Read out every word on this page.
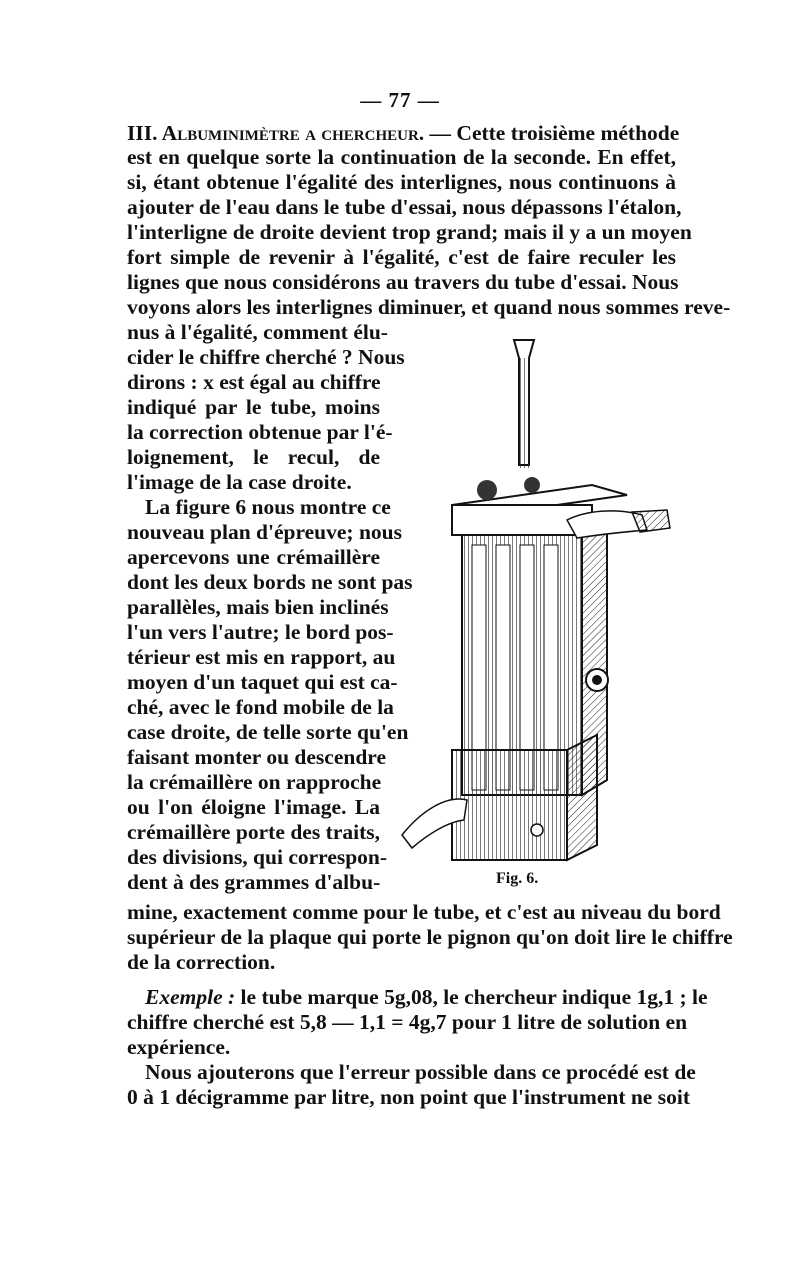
— 77 —
III. Albuminimètre a chercheur. — Cette troisième méthode
est en quelque sorte la continuation de la seconde. En effet,
si, étant obtenue l'égalité des interlignes, nous continuons à
ajouter de l'eau dans le tube d'essai, nous dépassons l'étalon,
l'interligne de droite devient trop grand; mais il y a un moyen
fort simple de revenir à l'égalité, c'est de faire reculer les
lignes que nous considérons au travers du tube d'essai. Nous
voyons alors les interlignes diminuer, et quand nous sommes reve-
nus à l'égalité, comment élu-
cider le chiffre cherché ? Nous
dirons : x est égal au chiffre
indiqué par le tube, moins
la correction obtenue par l'é-
loignement, le recul, de
l'image de la case droite.
La figure 6 nous montre ce
nouveau plan d'épreuve; nous
apercevons une crémaillère
dont les deux bords ne sont pas
parallèles, mais bien inclinés
l'un vers l'autre; le bord pos-
térieur est mis en rapport, au
moyen d'un taquet qui est ca-
ché, avec le fond mobile de la
case droite, de telle sorte qu'en
faisant monter ou descendre
la crémaillère on rapproche
ou l'on éloigne l'image. La
crémaillère porte des traits,
des divisions, qui correspon-
dent à des grammes d'albu-
mine, exactement comme pour le tube, et c'est au niveau du bord
supérieur de la plaque qui porte le pignon qu'on doit lire le chiffre
de la correction.
Exemple : le tube marque 5g,08, le chercheur indique 1g,1 ; le
chiffre cherché est 5,8 — 1,1 = 4g,7 pour 1 litre de solution en
expérience.
Nous ajouterons que l'erreur possible dans ce procédé est de
0 à 1 décigramme par litre, non point que l'instrument ne soit
Fig. 6.
